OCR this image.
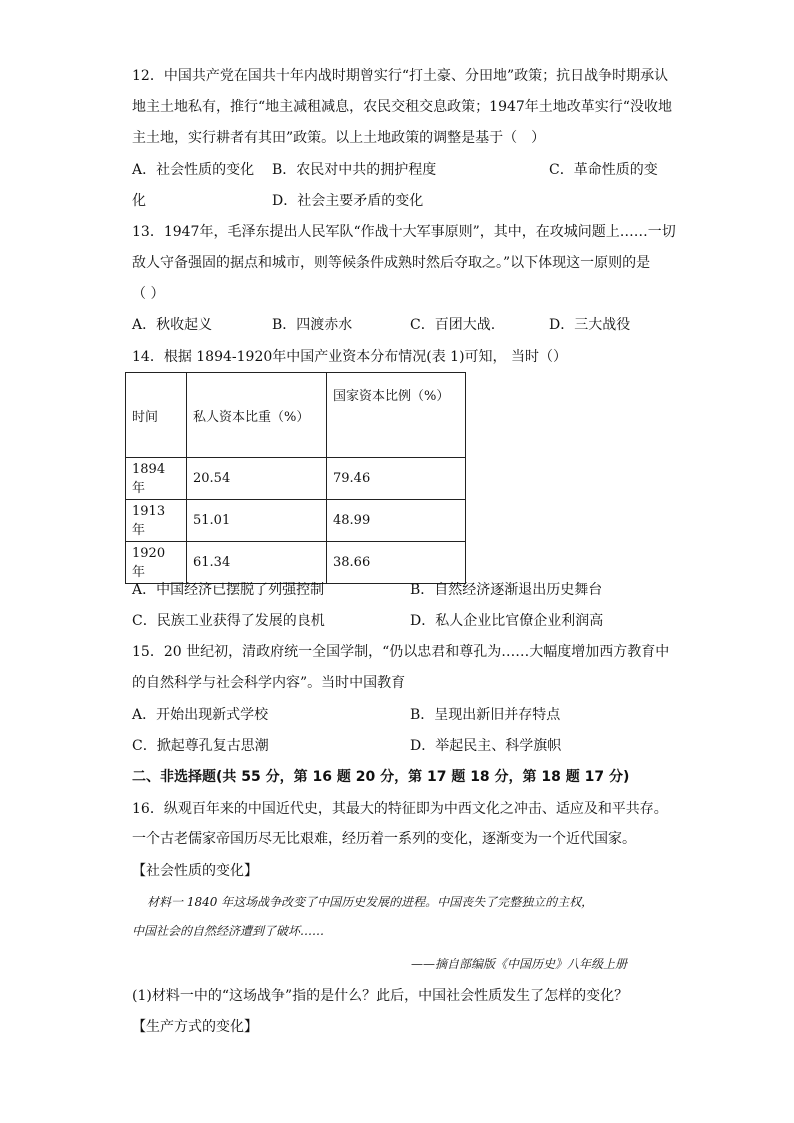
12．中国共产党在国共十年内战时期曾实行“打土豪、分田地”政策；抗日战争时期承认
地主土地私有，推行“地主减租减息，农民交租交息政策；1947年土地改革实行“没收地
主土地，实行耕者有其田”政策。以上土地政策的调整是基于（　）
A．社会性质的变化 B．农民对中共的拥护程度	C．革命性质的变
化	D．社会主要矛盾的变化
13．1947年，毛泽东提出人民军队“作战十大军事原则”，其中，在攻城问题上……一切
敌人守备强固的据点和城市，则等候条件成熟时然后夺取之。”以下体现这一原则的是
（ ）
A．秋收起义	B．四渡赤水	C．百团大战.	D．三大战役
14．根据 1894-1920年中国产业资本分布情况(表 1)可知， 当时（）
时间	私人资本比重（%）	国家资本比例（%）
1894 年	20.54	79.46
1913 年	51.01	48.99
1920 年	61.34	38.66
A．中国经济已摆脱了列强控制	B．自然经济逐渐退出历史舞台
C．民族工业获得了发展的良机	D．私人企业比官僚企业利润高
15．20 世纪初，清政府统一全国学制，“仍以忠君和尊孔为……大幅度增加西方教育中
的自然科学与社会科学内容”。当时中国教育
A．开始出现新式学校	B．呈现出新旧并存特点
C．掀起尊孔复古思潮	D．举起民主、科学旗帜
二、非选择题(共 55 分，第 16 题 20 分，第 17 题 18 分，第 18 题 17 分)
16．纵观百年来的中国近代史，其最大的特征即为中西文化之冲击、适应及和平共存。
一个古老儒家帝国历尽无比艰难，经历着一系列的变化，逐渐变为一个近代国家。
【社会性质的变化】
材料一 1840 年这场战争改变了中国历史发展的进程。中国丧失了完整独立的主权，
中国社会的自然经济遭到了破坏……
——摘自部编版《中国历史》八年级上册
(1)材料一中的“这场战争”指的是什么？此后，中国社会性质发生了怎样的变化？
【生产方式的变化】
